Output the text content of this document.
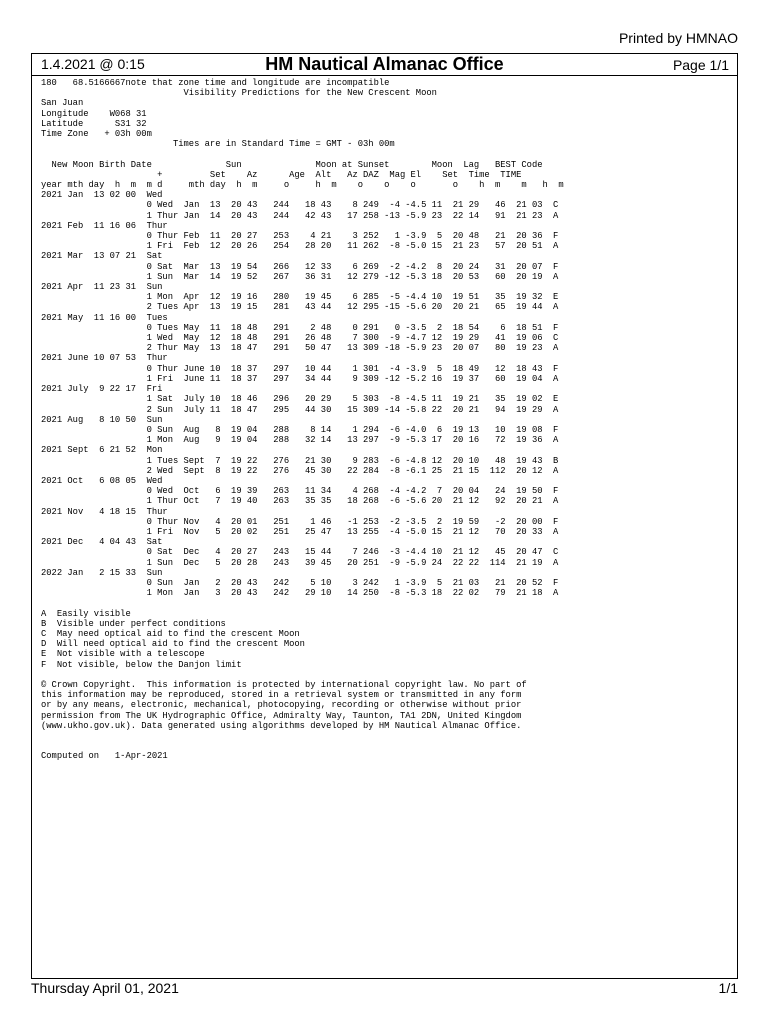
Printed by HMNAO
1.4.2021 @ 0:15	HM Nautical Almanac Office	Page 1/1
180   68.5166667note that zone time and longitude are incompatible
Visibility Predictions for the New Crescent Moon
San Juan
Longitude    W068 31
Latitude      S31 32
Time Zone   + 03h 00m
Times are in Standard Time = GMT - 03h 00m

New Moon Birth Date              Sun              Moon at Sunset        Moon  Lag   BEST Code
+         Set    Az      Age  Alt   Az DAZ  Mag El    Set  Time  TIME
year mth day  h  m  m d     mth day  h  m     o     h  m    o    o    o       o    h  m    m   h  m
2021 Jan  13 02 00  Wed
0 Wed  Jan  13  20 43   244   18 43    8 249  -4 -4.5 11  21 29   46  21 03  C
1 Thur Jan  14  20 43   244   42 43   17 258 -13 -5.9 23  22 14   91  21 23  A
2021 Feb  11 16 06  Thur
0 Thur Feb  11  20 27   253    4 21    3 252   1 -3.9  5  20 48   21  20 36  F
1 Fri  Feb  12  20 26   254   28 20   11 262  -8 -5.0 15  21 23   57  20 51  A
2021 Mar  13 07 21  Sat
0 Sat  Mar  13  19 54   266   12 33    6 269  -2 -4.2  8  20 24   31  20 07  F
1 Sun  Mar  14  19 52   267   36 31   12 279 -12 -5.3 18  20 53   60  20 19  A
2021 Apr  11 23 31  Sun
1 Mon  Apr  12  19 16   280   19 45    6 285  -5 -4.4 10  19 51   35  19 32  E
2 Tues Apr  13  19 15   281   43 44   12 295 -15 -5.6 20  20 21   65  19 44  A
2021 May  11 16 00  Tues
0 Tues May  11  18 48   291    2 48    0 291   0 -3.5  2  18 54    6  18 51  F
1 Wed  May  12  18 48   291   26 48    7 300  -9 -4.7 12  19 29   41  19 06  C
2 Thur May  13  18 47   291   50 47   13 309 -18 -5.9 23  20 07   80  19 23  A
2021 June 10 07 53  Thur
0 Thur June 10  18 37   297   10 44    1 301  -4 -3.9  5  18 49   12  18 43  F
1 Fri  June 11  18 37   297   34 44    9 309 -12 -5.2 16  19 37   60  19 04  A
2021 July  9 22 17  Fri
1 Sat  July 10  18 46   296   20 29    5 303  -8 -4.5 11  19 21   35  19 02  E
2 Sun  July 11  18 47   295   44 30   15 309 -14 -5.8 22  20 21   94  19 29  A
2021 Aug   8 10 50  Sun
0 Sun  Aug   8  19 04   288    8 14    1 294  -6 -4.0  6  19 13   10  19 08  F
1 Mon  Aug   9  19 04   288   32 14   13 297  -9 -5.3 17  20 16   72  19 36  A
2021 Sept  6 21 52  Mon
1 Tues Sept  7  19 22   276   21 30    9 283  -6 -4.8 12  20 10   48  19 43  B
2 Wed  Sept  8  19 22   276   45 30   22 284  -8 -6.1 25  21 15  112  20 12  A
2021 Oct   6 08 05  Wed
0 Wed  Oct   6  19 39   263   11 34    4 268  -4 -4.2  7  20 04   24  19 50  F
1 Thur Oct   7  19 40   263   35 35   18 268  -6 -5.6 20  21 12   92  20 21  A
2021 Nov   4 18 15  Thur
0 Thur Nov   4  20 01   251    1 46   -1 253  -2 -3.5  2  19 59   -2  20 00  F
1 Fri  Nov   5  20 02   251   25 47   13 255  -4 -5.0 15  21 12   70  20 33  A
2021 Dec   4 04 43  Sat
0 Sat  Dec   4  20 27   243   15 44    7 246  -3 -4.4 10  21 12   45  20 47  C
1 Sun  Dec   5  20 28   243   39 45   20 251  -9 -5.9 24  22 22  114  21 19  A
2022 Jan   2 15 33  Sun
0 Sun  Jan   2  20 43   242    5 10    3 242   1 -3.9  5  21 03   21  20 52  F
1 Mon  Jan   3  20 43   242   29 10   14 250  -8 -5.3 18  22 02   79  21 18  A

A  Easily visible
B  Visible under perfect conditions
C  May need optical aid to find the crescent Moon
D  Will need optical aid to find the crescent Moon
E  Not visible with a telescope
F  Not visible, below the Danjon limit

© Crown Copyright.  This information is protected by international copyright law. No part of
this information may be reproduced, stored in a retrieval system or transmitted in any form
or by any means, electronic, mechanical, photocopying, recording or otherwise without prior
permission from The UK Hydrographic Office, Admiralty Way, Taunton, TA1 2DN, United Kingdom
(www.ukho.gov.uk). Data generated using algorithms developed by HM Nautical Almanac Office.

Computed on   1-Apr-2021

Thursday April 01, 2021	1/1
